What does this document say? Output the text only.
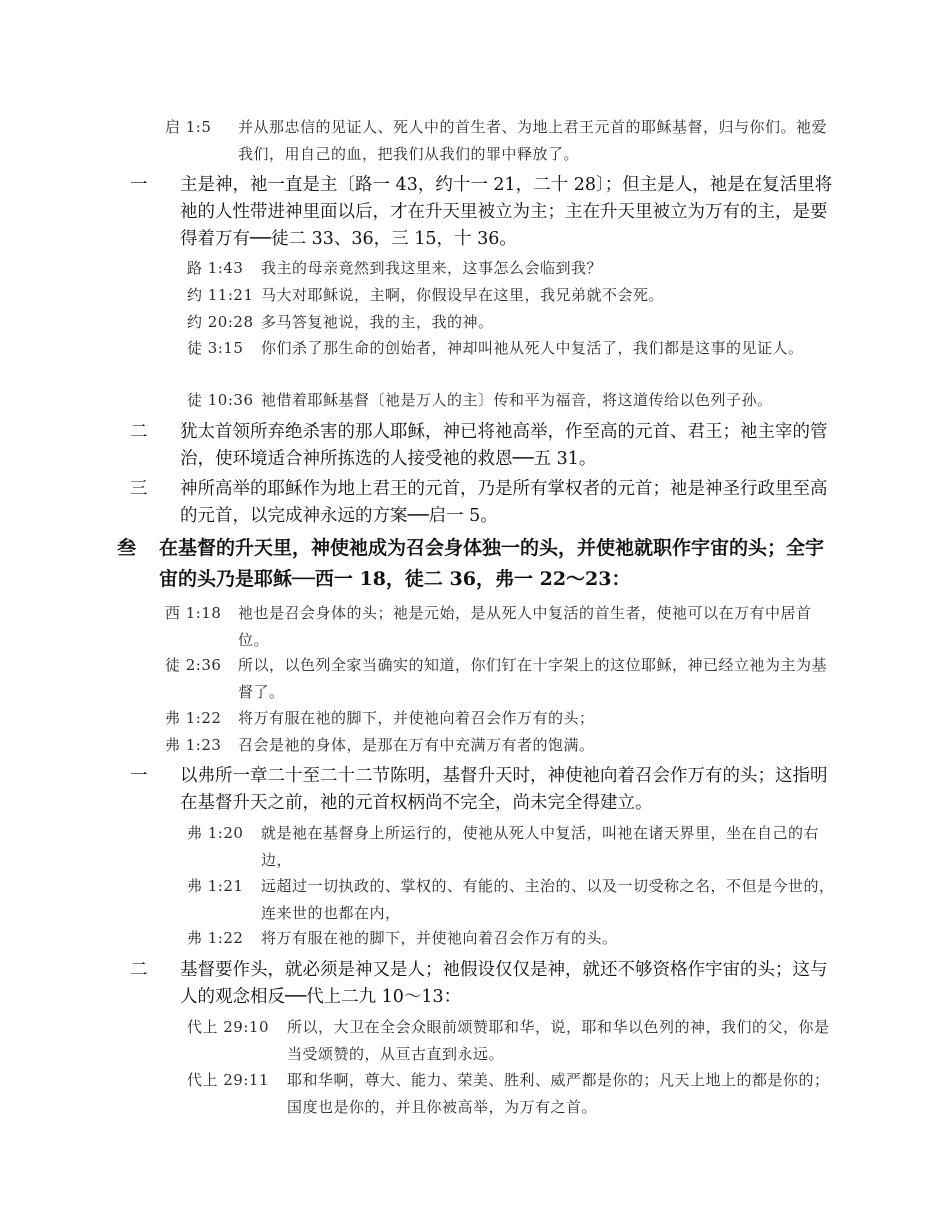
启 1:5	并从那忠信的见证人、死人中的首生者、为地上君王元首的耶稣基督，归与你们。祂爱我们，用自己的血，把我们从我们的罪中释放了。
一	主是神，祂一直是主〔路一 43，约十一 21，二十 28〕；但主是人，祂是在复活里将祂的人性带进神里面以后，才在升天里被立为主；主在升天里被立为万有的主，是要得着万有──徒二 33、36，三 15，十 36。
路 1:43	我主的母亲竟然到我这里来，这事怎么会临到我？
约 11:21 马大对耶稣说，主啊，你假设早在这里，我兄弟就不会死。
约 20:28 多马答复祂说，我的主，我的神。
徒 3:15	你们杀了那生命的创始者，神却叫祂从死人中复活了，我们都是这事的见证人。
徒 10:36 祂借着耶稣基督〔祂是万人的主〕传和平为福音，将这道传给以色列子孙。
二	犹太首领所弃绝杀害的那人耶稣，神已将祂高举，作至高的元首、君王；祂主宰的管治，使环境适合神所拣选的人接受祂的救恩──五 31。
三	神所高举的耶稣作为地上君王的元首，乃是所有掌权者的元首；祂是神圣行政里至高的元首，以完成神永远的方案──启一 5。
叁	在基督的升天里，神使祂成为召会身体独一的头，并使祂就职作宇宙的头；全宇宙的头乃是耶稣──西一 18，徒二 36，弗一 22～23：
西 1:18	祂也是召会身体的头；祂是元始，是从死人中复活的首生者，使祂可以在万有中居首位。
徒 2:36	所以，以色列全家当确实的知道，你们钉在十字架上的这位耶稣，神已经立祂为主为基督了。
弗 1:22	将万有服在祂的脚下，并使祂向着召会作万有的头；
弗 1:23	召会是祂的身体，是那在万有中充满万有者的饱满。
一	以弗所一章二十至二十二节陈明，基督升天时，神使祂向着召会作万有的头；这指明在基督升天之前，祂的元首权柄尚不完全，尚未完全得建立。
弗 1:20	就是祂在基督身上所运行的，使祂从死人中复活，叫祂在诸天界里，坐在自己的右边，
弗 1:21	远超过一切执政的、掌权的、有能的、主治的、以及一切受称之名，不但是今世的，连来世的也都在内，
弗 1:22	将万有服在祂的脚下，并使祂向着召会作万有的头。
二	基督要作头，就必须是神又是人；祂假设仅仅是神，就还不够资格作宇宙的头；这与人的观念相反──代上二九 10～13：
代上 29:10	所以，大卫在全会众眼前颂赞耶和华，说，耶和华以色列的神，我们的父，你是当受颂赞的，从亘古直到永远。
代上 29:11	耶和华啊，尊大、能力、荣美、胜利、威严都是你的；凡天上地上的都是你的；国度也是你的，并且你被高举，为万有之首。
